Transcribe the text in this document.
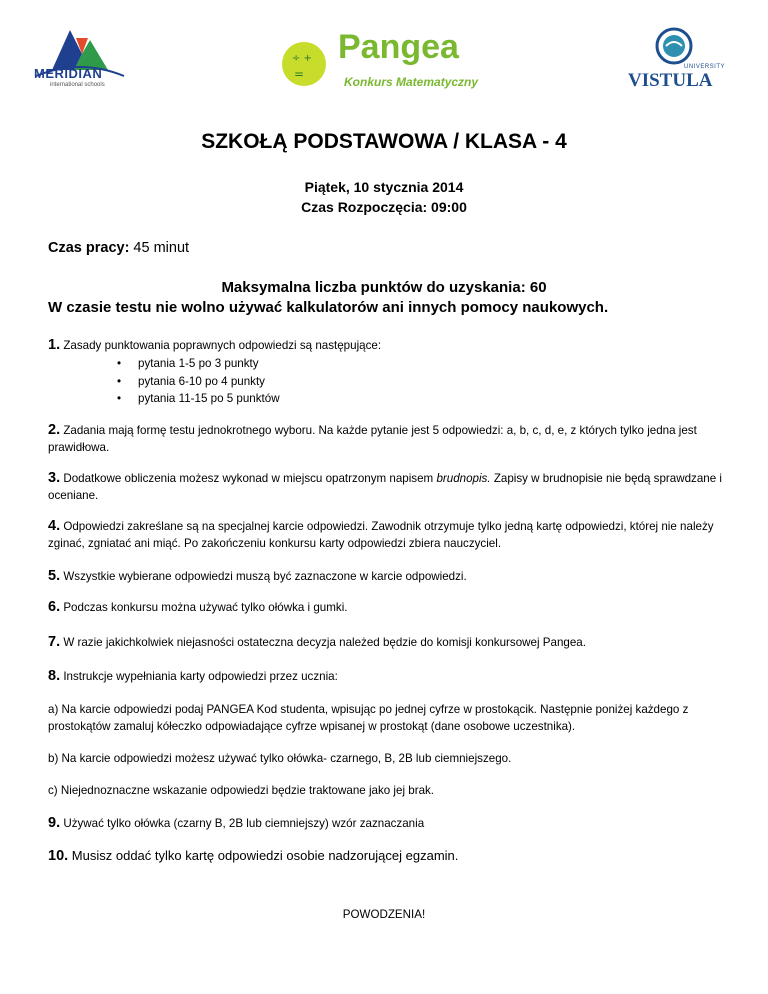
MERIDIAN
international schools
÷ +
=
Pangea
Konkurs Matematyczny
UNIVERSITY
VISTULA
SZKOŁĄ PODSTAWOWA / KLASA - 4
Piątek, 10 stycznia 2014
Czas Rozpoczęcia: 09:00
Czas pracy: 45 minut
Maksymalna liczba punktów do uzyskania: 60
W czasie testu nie wolno używać kalkulatorów ani innych pomocy naukowych.
1. Zasady punktowania poprawnych odpowiedzi są następujące:
• pytania 1-5 po 3 punkty
• pytania 6-10 po 4 punkty
• pytania 11-15 po 5 punktów
2. Zadania mają formę testu jednokrotnego wyboru. Na każde pytanie jest 5 odpowiedzi: a, b, c, d, e, z których tylko jedna jest prawidłowa.
3. Dodatkowe obliczenia możesz wykonad w miejscu opatrzonym napisem brudnopis. Zapisy w brudnopisie nie będą sprawdzane i oceniane.
4. Odpowiedzi zakreślane są na specjalnej karcie odpowiedzi. Zawodnik otrzymuje tylko jedną kartę odpowiedzi, której nie należy zginać, zgniatać ani miąć. Po zakończeniu konkursu karty odpowiedzi zbiera nauczyciel.
5. Wszystkie wybierane odpowiedzi muszą być zaznaczone w karcie odpowiedzi.
6. Podczas konkursu można używać tylko ołówka i gumki.
7. W razie jakichkolwiek niejasności ostateczna decyzja należed będzie do komisji konkursowej Pangea.
8. Instrukcje wypełniania karty odpowiedzi przez ucznia:
a) Na karcie odpowiedzi podaj PANGEA Kod studenta, wpisując po jednej cyfrze w prostokącik. Następnie poniżej każdego z prostokątów zamaluj kółeczko odpowiadające cyfrze wpisanej w prostokąt (dane osobowe uczestnika).
b) Na karcie odpowiedzi możesz używać tylko ołówka- czarnego, B, 2B lub ciemniejszego.
c) Niejednoznaczne wskazanie odpowiedzi będzie traktowane jako jej brak.
9. Używać tylko ołówka (czarny B, 2B lub ciemniejszy) wzór zaznaczania
10. Musisz oddać tylko kartę odpowiedzi osobie nadzorującej egzamin.
POWODZENIA!
